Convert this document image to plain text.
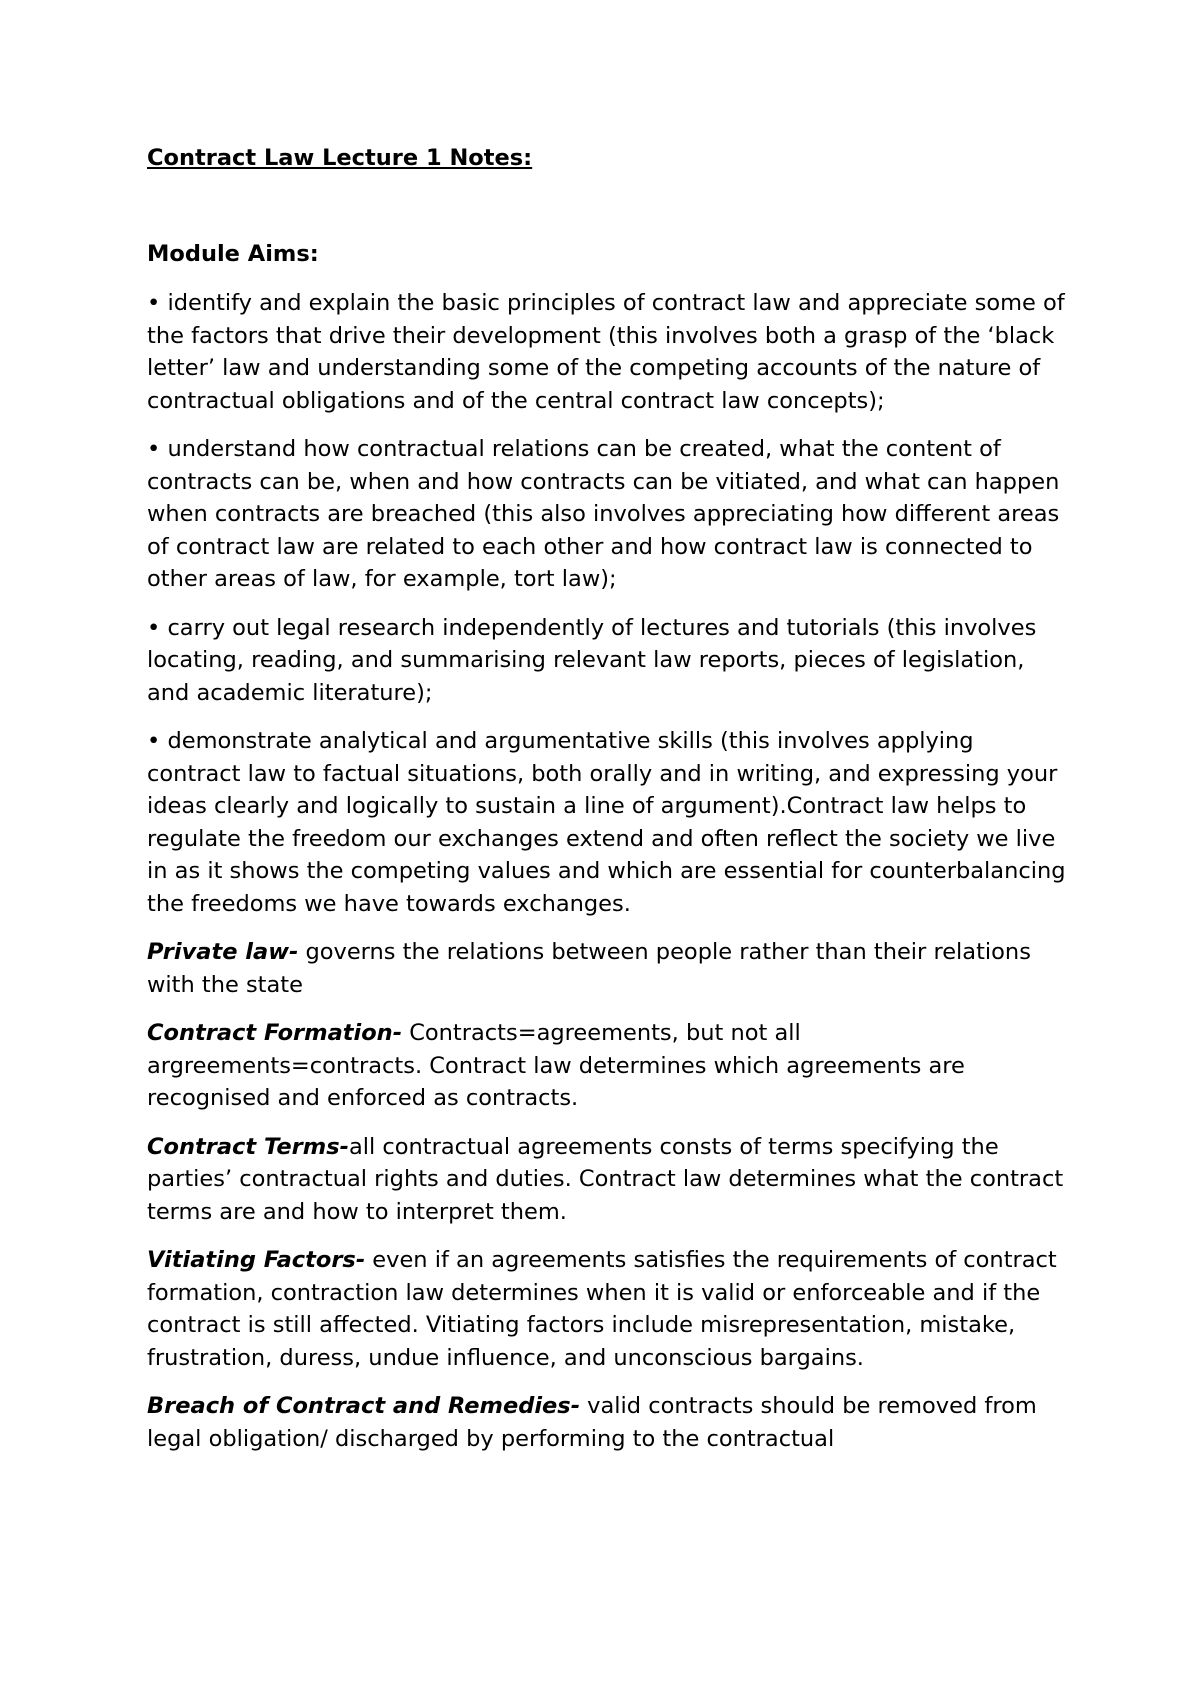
Contract Law Lecture 1 Notes:

Module Aims:

• identify and explain the basic principles of contract law and appreciate some of the factors that drive their development (this involves both a grasp of the ‘black letter’ law and understanding some of the competing accounts of the nature of contractual obligations and of the central contract law concepts);

• understand how contractual relations can be created, what the content of contracts can be, when and how contracts can be vitiated, and what can happen when contracts are breached (this also involves appreciating how different areas of contract law are related to each other and how contract law is connected to other areas of law, for example, tort law);

• carry out legal research independently of lectures and tutorials (this involves locating, reading, and summarising relevant law reports, pieces of legislation, and academic literature);

• demonstrate analytical and argumentative skills (this involves applying contract law to factual situations, both orally and in writing, and expressing your ideas clearly and logically to sustain a line of argument).Contract law helps to regulate the freedom our exchanges extend and often reflect the society we live in as it shows the competing values and which are essential for counterbalancing the freedoms we have towards exchanges.

Private law- governs the relations between people rather than their relations with the state

Contract Formation- Contracts=agreements, but not all argreements=contracts. Contract law determines which agreements are recognised and enforced as contracts.

Contract Terms-all contractual agreements consts of terms specifying the parties’ contractual rights and duties. Contract law determines what the contract terms are and how to interpret them.

Vitiating Factors- even if an agreements satisfies the requirements of contract formation, contraction law determines when it is valid or enforceable and if the contract is still affected. Vitiating factors include misrepresentation, mistake, frustration, duress, undue influence, and unconscious bargains.

Breach of Contract and Remedies- valid contracts should be removed from legal obligation/ discharged by performing to the contractual
